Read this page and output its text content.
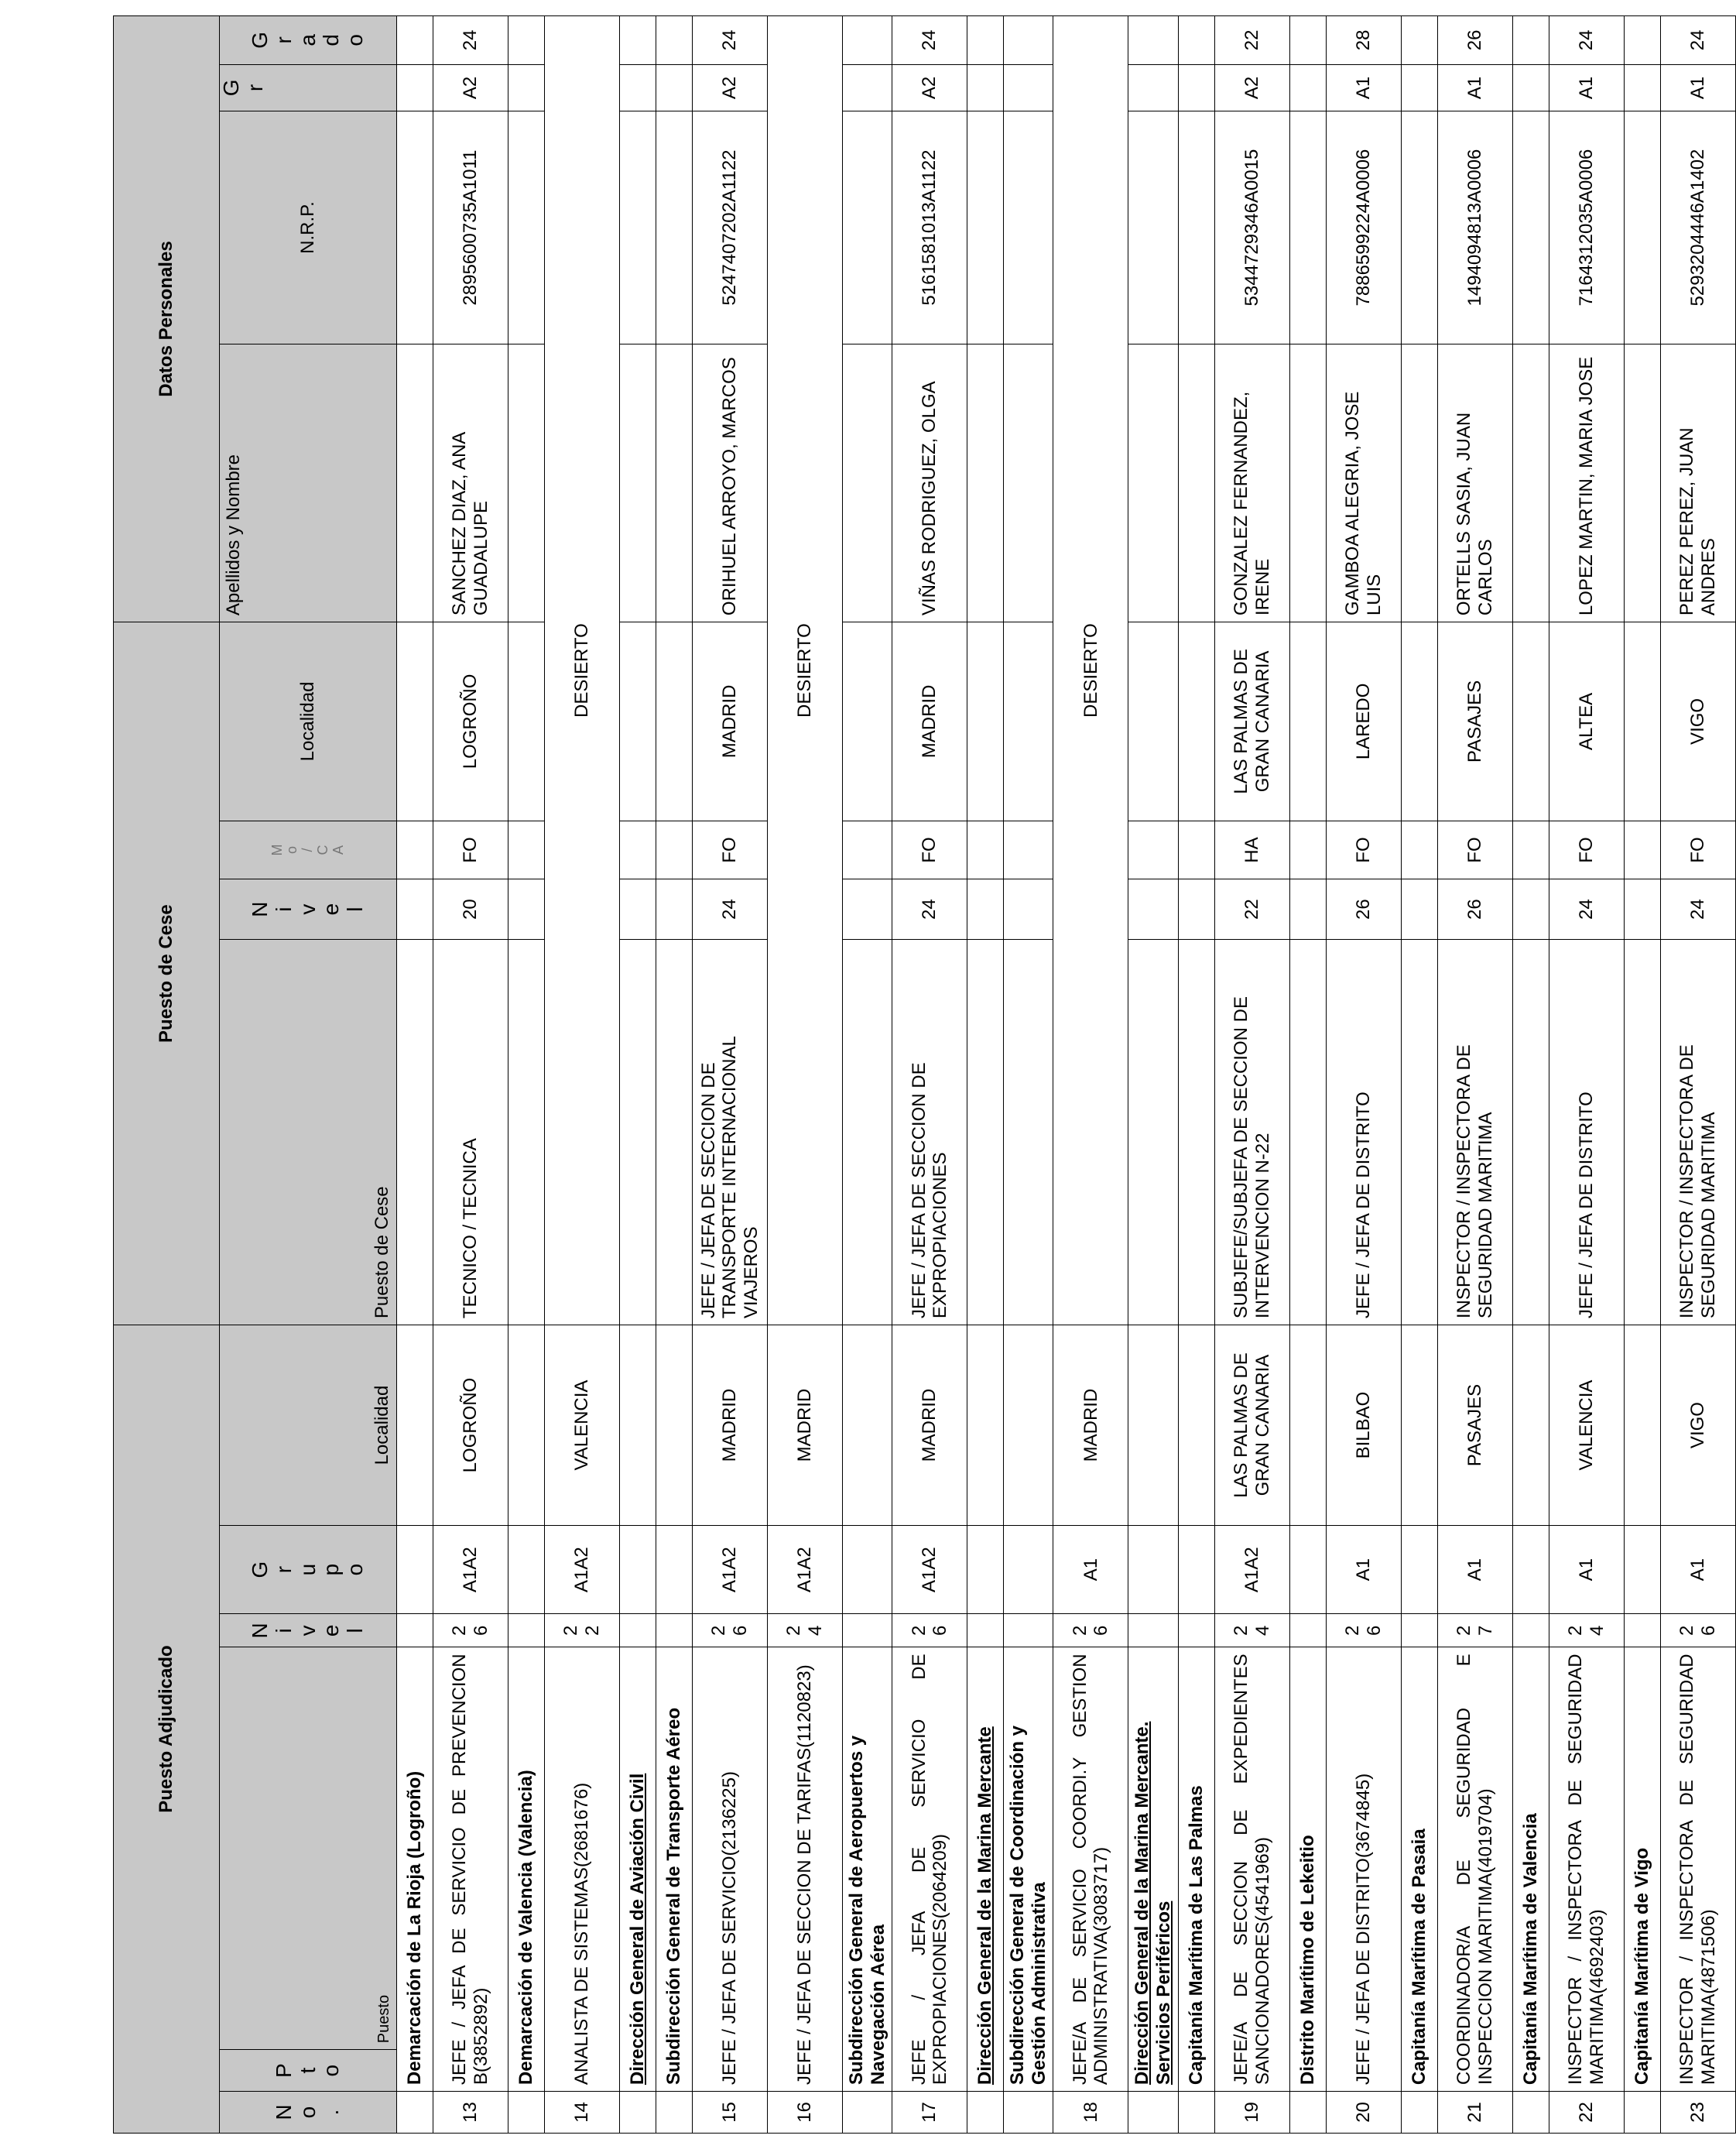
Puesto Adjudicado						Puesto de Cese				Datos Personales			

N o .	P t o	Puesto	N i v e l	G r u p o	Localidad	Puesto de Cese	N i v e l	M o / C A	Localidad	Apellidos y Nombre	N.R.P.	G r	G r a d o

	Demarcación de La Rioja (Logroño)												
13	JEFE / JEFA DE SERVICIO DE PREVENCION B(3852892)		26	A1A2	LOGROÑO	TECNICO / TECNICA	20	FO	LOGROÑO	SANCHEZ DIAZ, ANA GUADALUPE	2895600735A1011	A2	24
	Demarcación de Valencia (Valencia)												
14	ANALISTA DE SISTEMAS(2681676)		22	A1A2	VALENCIA	DESIERTO							
	Dirección General de Aviación Civil												
	Subdirección General de Transporte Aéreo												
15	JEFE / JEFA DE SERVICIO(2136225)		26	A1A2	MADRID	JEFE / JEFA DE SECCION DE TRANSPORTE INTERNACIONAL VIAJEROS	24	FO	MADRID	ORIHUEL ARROYO, MARCOS	5247407202A1122	A2	24
16	JEFE / JEFA DE SECCION DE TARIFAS(1120823)		24	A1A2	MADRID	DESIERTO							
	Subdirección General de Aeropuertos y Navegación Aérea												
17	JEFE / JEFA DE SERVICIO DE EXPROPIACIONES(2064209)		26	A1A2	MADRID	JEFE / JEFA DE SECCION DE EXPROPIACIONES	24	FO	MADRID	VIÑAS RODRIGUEZ, OLGA	5161581013A1122	A2	24
	Dirección General de la Marina Mercante												
	Subdirección General de Coordinación y Gestión Administrativa												
18	JEFE/A DE SERVICIO COORDI.Y GESTION ADMINISTRATIVA(3083717)		26	A1	MADRID	DESIERTO							
	Dirección General de la Marina Mercante. Servicios Periféricos												
	Capitanía Marítima de Las Palmas												
19	JEFE/A DE SECCION DE EXPEDIENTES SANCIONADORES(4541969)		24	A1A2	LAS PALMAS DE GRAN CANARIA	SUBJEFE/SUBJEFA DE SECCION DE INTERVENCION N-22	22	HA	LAS PALMAS DE GRAN CANARIA	GONZALEZ FERNANDEZ, IRENE	5344729346A0015	A2	22
	Distrito Marítimo de Lekeitio												
20	JEFE / JEFA DE DISTRITO(3674845)		26	A1	BILBAO	JEFE / JEFA DE DISTRITO	26	FO	LAREDO	GAMBOA ALEGRIA, JOSE LUIS	7886599224A0006	A1	28
	Capitanía Marítima de Pasaia												
21	COORDINADOR/A DE SEGURIDAD E INSPECCION MARITIMA(4019704)		27	A1	PASAJES	INSPECTOR / INSPECTORA DE SEGURIDAD MARITIMA	26	FO	PASAJES	ORTELLS SASIA, JUAN CARLOS	1494094813A0006	A1	26
	Capitanía Marítima de Valencia												
22	INSPECTOR / INSPECTORA DE SEGURIDAD MARITIMA(4692403)		24	A1	VALENCIA	JEFE / JEFA DE DISTRITO	24	FO	ALTEA	LOPEZ MARTIN, MARIA JOSE	7164312035A0006	A1	24
	Capitanía Marítima de Vigo												
23	INSPECTOR / INSPECTORA DE SEGURIDAD MARITIMA(4871506)		26	A1	VIGO	INSPECTOR / INSPECTORA DE SEGURIDAD MARITIMA	24	FO	VIGO	PEREZ PEREZ, JUAN ANDRES	5293204446A1402	A1	24
